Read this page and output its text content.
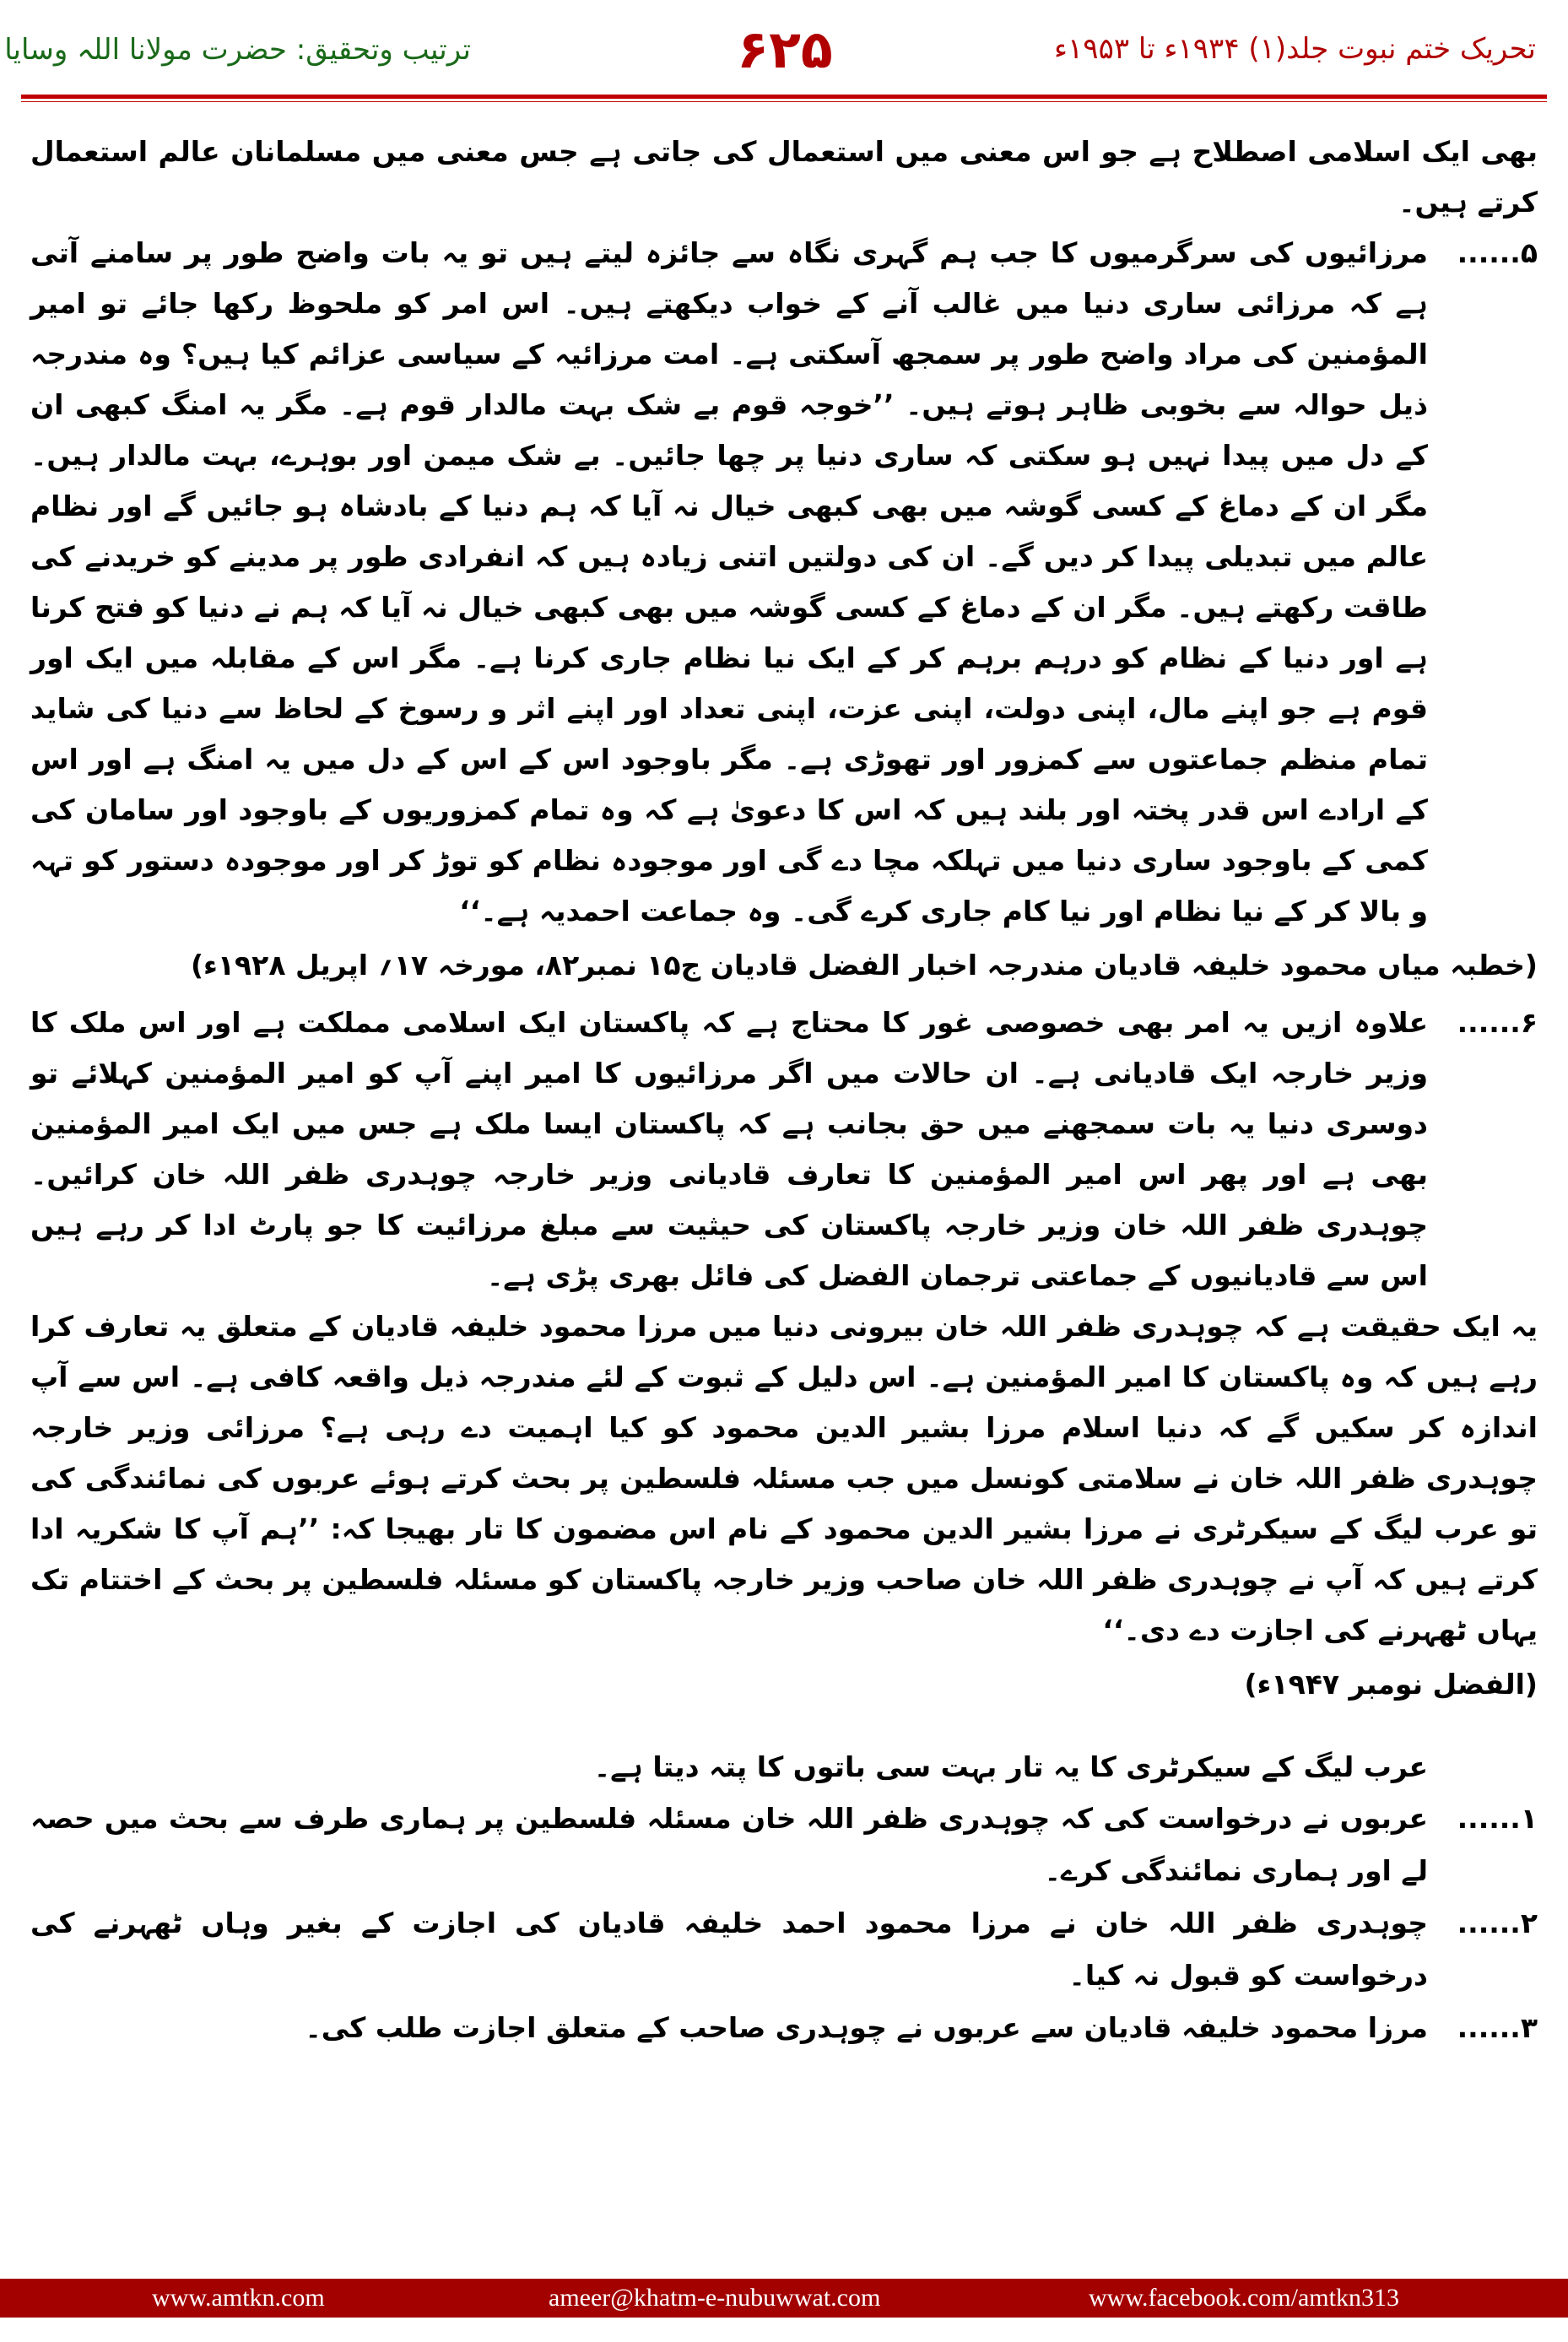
ترتیب وتحقیق: حضرت مولانا اللہ وسایا	۶۲۵	تحریک ختم نبوت جلد(۱) ۱۹۳۴ء تا ۱۹۵۳ء

بھی ایک اسلامی اصطلاح ہے جو اس معنی میں استعمال کی جاتی ہے جس معنی میں مسلمانان عالم استعمال کرتے ہیں۔

۵......

مرزائیوں کی سرگرمیوں کا جب ہم گہری نگاہ سے جائزہ لیتے ہیں تو یہ بات واضح طور پر سامنے آتی ہے کہ مرزائی ساری دنیا میں غالب آنے کے خواب دیکھتے ہیں۔ اس امر کو ملحوظ رکھا جائے تو امیر المؤمنین کی مراد واضح طور پر سمجھ آسکتی ہے۔ امت مرزائیہ کے سیاسی عزائم کیا ہیں؟ وہ مندرجہ ذیل حوالہ سے بخوبی ظاہر ہوتے ہیں۔ ’’خوجہ قوم بے شک بہت مالدار قوم ہے۔ مگر یہ امنگ کبھی ان کے دل میں پیدا نہیں ہو سکتی کہ ساری دنیا پر چھا جائیں۔ بے شک میمن اور بوہرے، بہت مالدار ہیں۔ مگر ان کے دماغ کے کسی گوشہ میں بھی کبھی خیال نہ آیا کہ ہم دنیا کے بادشاہ ہو جائیں گے اور نظام عالم میں تبدیلی پیدا کر دیں گے۔ ان کی دولتیں اتنی زیادہ ہیں کہ انفرادی طور پر مدینے کو خریدنے کی طاقت رکھتے ہیں۔ مگر ان کے دماغ کے کسی گوشہ میں بھی کبھی خیال نہ آیا کہ ہم نے دنیا کو فتح کرنا ہے اور دنیا کے نظام کو درہم برہم کر کے ایک نیا نظام جاری کرنا ہے۔ مگر اس کے مقابلہ میں ایک اور قوم ہے جو اپنے مال، اپنی دولت، اپنی عزت، اپنی تعداد اور اپنے اثر و رسوخ کے لحاظ سے دنیا کی شاید تمام منظم جماعتوں سے کمزور اور تھوڑی ہے۔ مگر باوجود اس کے اس کے دل میں یہ امنگ ہے اور اس کے ارادے اس قدر پختہ اور بلند ہیں کہ اس کا دعویٰ ہے کہ وہ تمام کمزوریوں کے باوجود اور سامان کی کمی کے باوجود ساری دنیا میں تہلکہ مچا دے گی اور موجودہ نظام کو توڑ کر اور موجودہ دستور کو تہہ و بالا کر کے نیا نظام اور نیا کام جاری کرے گی۔ وہ جماعت احمدیہ ہے۔‘‘

(خطبہ میاں محمود خلیفہ قادیان مندرجہ اخبار الفضل قادیان ج۱۵ نمبر۸۲، مورخہ ۱۷؍ اپریل ۱۹۲۸ء)

۶......

علاوہ ازیں یہ امر بھی خصوصی غور کا محتاج ہے کہ پاکستان ایک اسلامی مملکت ہے اور اس ملک کا وزیر خارجہ ایک قادیانی ہے۔ ان حالات میں اگر مرزائیوں کا امیر اپنے آپ کو امیر المؤمنین کہلائے تو دوسری دنیا یہ بات سمجھنے میں حق بجانب ہے کہ پاکستان ایسا ملک ہے جس میں ایک امیر المؤمنین بھی ہے اور پھر اس امیر المؤمنین کا تعارف قادیانی وزیر خارجہ چوہدری ظفر اللہ خان کرائیں۔ چوہدری ظفر اللہ خان وزیر خارجہ پاکستان کی حیثیت سے مبلغ مرزائیت کا جو پارٹ ادا کر رہے ہیں اس سے قادیانیوں کے جماعتی ترجمان الفضل کی فائل بھری پڑی ہے۔

یہ ایک حقیقت ہے کہ چوہدری ظفر اللہ خان بیرونی دنیا میں مرزا محمود خلیفہ قادیان کے متعلق یہ تعارف کرا رہے ہیں کہ وہ پاکستان کا امیر المؤمنین ہے۔ اس دلیل کے ثبوت کے لئے مندرجہ ذیل واقعہ کافی ہے۔ اس سے آپ اندازہ کر سکیں گے کہ دنیا اسلام مرزا بشیر الدین محمود کو کیا اہمیت دے رہی ہے؟ مرزائی وزیر خارجہ چوہدری ظفر اللہ خان نے سلامتی کونسل میں جب مسئلہ فلسطین پر بحث کرتے ہوئے عربوں کی نمائندگی کی تو عرب لیگ کے سیکرٹری نے مرزا بشیر الدین محمود کے نام اس مضمون کا تار بھیجا کہ: ’’ہم آپ کا شکریہ ادا کرتے ہیں کہ آپ نے چوہدری ظفر اللہ خان صاحب وزیر خارجہ پاکستان کو مسئلہ فلسطین پر بحث کے اختتام تک یہاں ٹھہرنے کی اجازت دے دی۔‘‘

(الفضل نومبر ۱۹۴۷ء)

عرب لیگ کے سیکرٹری کا یہ تار بہت سی باتوں کا پتہ دیتا ہے۔

۱......

عربوں نے درخواست کی کہ چوہدری ظفر اللہ خان مسئلہ فلسطین پر ہماری طرف سے بحث میں حصہ لے اور ہماری نمائندگی کرے۔

۲......

چوہدری ظفر اللہ خان نے مرزا محمود احمد خلیفہ قادیان کی اجازت کے بغیر وہاں ٹھہرنے کی درخواست کو قبول نہ کیا۔

۳......

مرزا محمود خلیفہ قادیان سے عربوں نے چوہدری صاحب کے متعلق اجازت طلب کی۔

www.amtkn.com	ameer@khatm-e-nubuwwat.com	www.facebook.com/amtkn313
